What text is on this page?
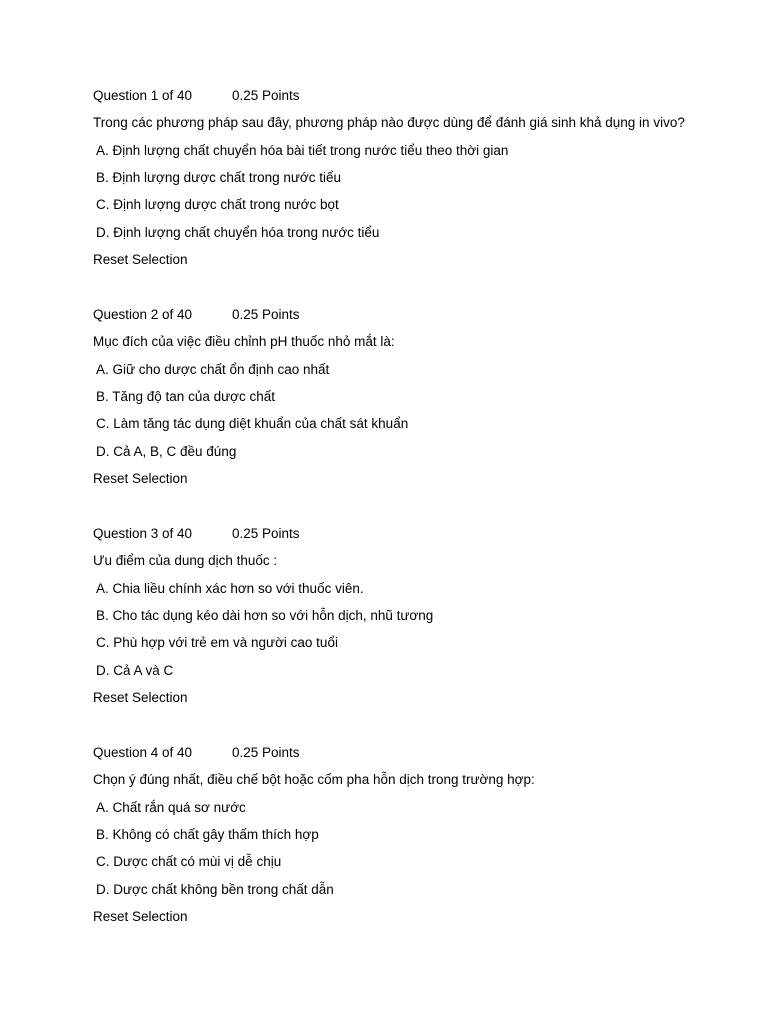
Question 1 of 40	0.25 Points
Trong các phương pháp sau đây, phương pháp nào được dùng để đánh giá sinh khả dụng in vivo?
A. Định lượng chất chuyển hóa bài tiết trong nước tiểu theo thời gian
B. Định lượng dược chất trong nước tiểu
C. Định lượng dược chất trong nước bọt
D. Định lượng chất chuyển hóa trong nước tiểu
Reset Selection
Question 2 of 40	0.25 Points
Mục đích của việc điều chỉnh pH thuốc nhỏ mắt là:
A. Giữ cho dược chất ổn định cao nhất
B. Tăng độ tan của dược chất
C. Làm tăng tác dụng diệt khuẩn của chất sát khuẩn
D. Cả A, B, C đều đúng
Reset Selection
Question 3 of 40	0.25 Points
Ưu điểm của dung dịch thuốc :
A. Chia liều chính xác hơn so với thuốc viên.
B. Cho tác dụng kéo dài hơn so với hỗn dịch, nhũ tương
C. Phù hợp với trẻ em và người cao tuổi
D. Cả A và C
Reset Selection
Question 4 of 40	0.25 Points
Chọn ý đúng nhất, điều chế bột hoặc cốm pha hỗn dịch trong trường hợp:
A. Chất rắn quá sơ nước
B. Không có chất gây thấm thích hợp
C. Dược chất có mùi vị dễ chịu
D. Dược chất không bền trong chất dẫn
Reset Selection
